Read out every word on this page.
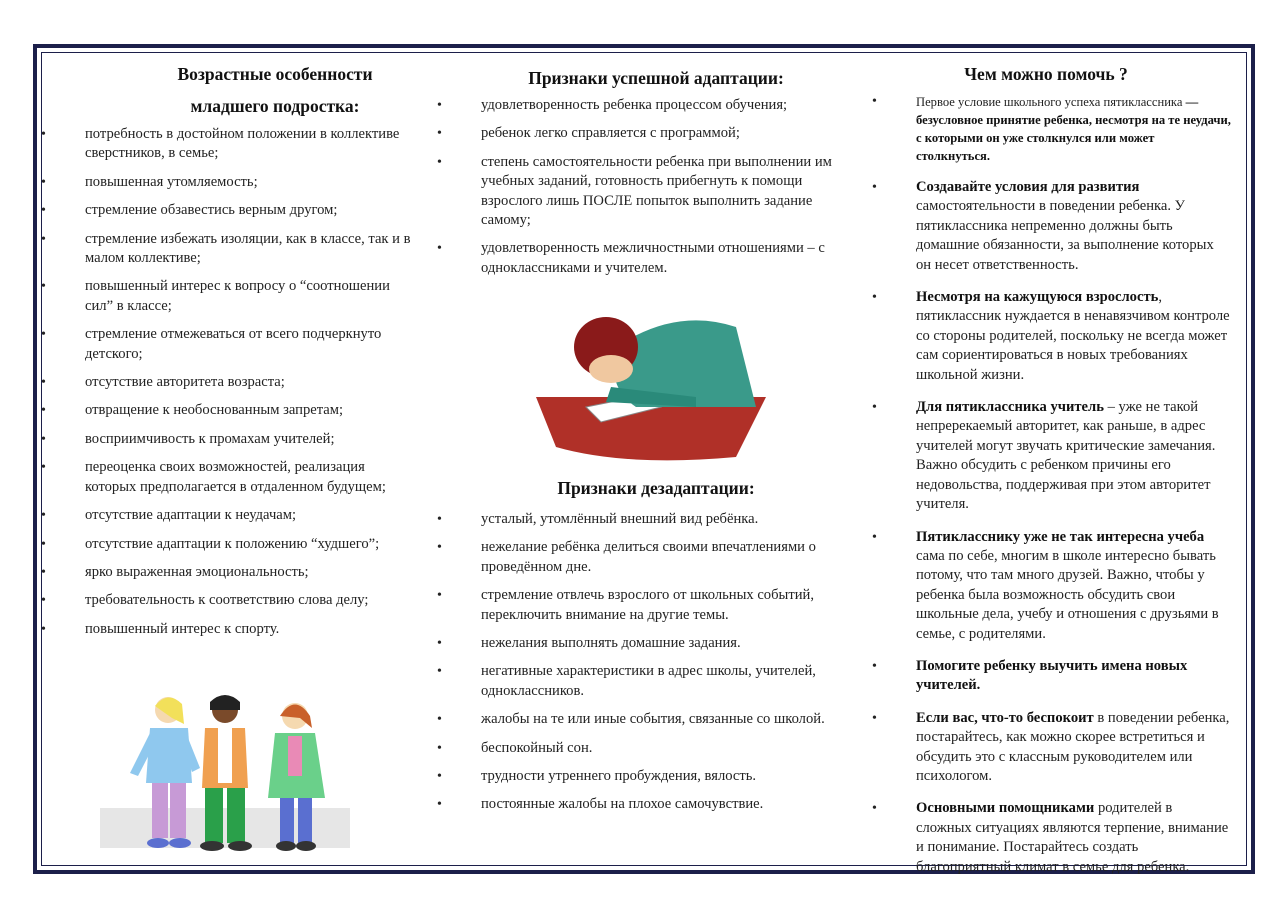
Возрастные особенности
младшего подростка:
• потребность в достойном положении в коллективе сверстников, в семье;
• повышенная утомляемость;
• стремление обзавестись верным другом;
• стремление избежать изоляции, как в классе, так и в малом коллективе;
• повышенный интерес к вопросу о “соотношении сил” в классе;
• стремление отмежеваться от всего подчеркнуто детского;
• отсутствие авторитета возраста;
• отвращение к необоснованным запретам;
• восприимчивость к промахам учителей;
• переоценка своих возможностей, реализация которых предполагается в отдаленном будущем;
• отсутствие адаптации к неудачам;
• отсутствие адаптации к положению “худшего”;
• ярко выраженная эмоциональность;
• требовательность к соответствию слова делу;
• повышенный интерес к спорту.
Признаки успешной адаптации:
• удовлетворенность ребенка процессом обучения;
• ребенок легко справляется с программой;
• степень самостоятельности ребенка при выполнении им учебных заданий, готовность прибегнуть к помощи взрослого лишь ПОСЛЕ попыток выполнить задание самому;
• удовлетворенность межличностными отношениями – с одноклассниками и учителем.
Признаки дезадаптации:
• усталый, утомлённый внешний вид ребёнка.
• нежелание ребёнка делиться своими впечатлениями о проведённом дне.
• стремление отвлечь взрослого от школьных событий, переключить внимание на другие темы.
• нежелания выполнять домашние задания.
• негативные характеристики в адрес школы, учителей, одноклассников.
• жалобы на те или иные события, связанные со школой.
• беспокойный сон.
• трудности утреннего пробуждения, вялость.
• постоянные жалобы на плохое самочувствие.
Чем можно помочь ?
• Первое условие школьного успеха пятиклассника — безусловное принятие ребенка, несмотря на те неудачи, с которыми он уже столкнулся или может столкнуться.
• Создавайте условия для развития самостоятельности в поведении ребенка. У пятиклассника непременно должны быть домашние обязанности, за выполнение которых он несет ответственность.
• Несмотря на кажущуюся взрослость, пятиклассник нуждается в ненавязчивом контроле со стороны родителей, поскольку не всегда может сам сориентироваться в новых требованиях школьной жизни.
• Для пятиклассника учитель – уже не такой непререкаемый авторитет, как раньше, в адрес учителей могут звучать критические замечания. Важно обсудить с ребенком причины его недовольства, поддерживая при этом авторитет учителя.
• Пятикласснику уже не так интересна учеба сама по себе, многим в школе интересно бывать потому, что там много друзей. Важно, чтобы у ребенка была возможность обсудить свои школьные дела, учебу и отношения с друзьями в семье, с родителями.
• Помогите ребенку выучить имена новых учителей.
• Если вас, что-то беспокоит в поведении ребенка, постарайтесь, как можно скорее встретиться и обсудить это с классным руководителем или психологом.
• Основными помощниками родителей в сложных ситуациях являются терпение, внимание и понимание. Постарайтесь создать благоприятный климат в семье для ребенка.
